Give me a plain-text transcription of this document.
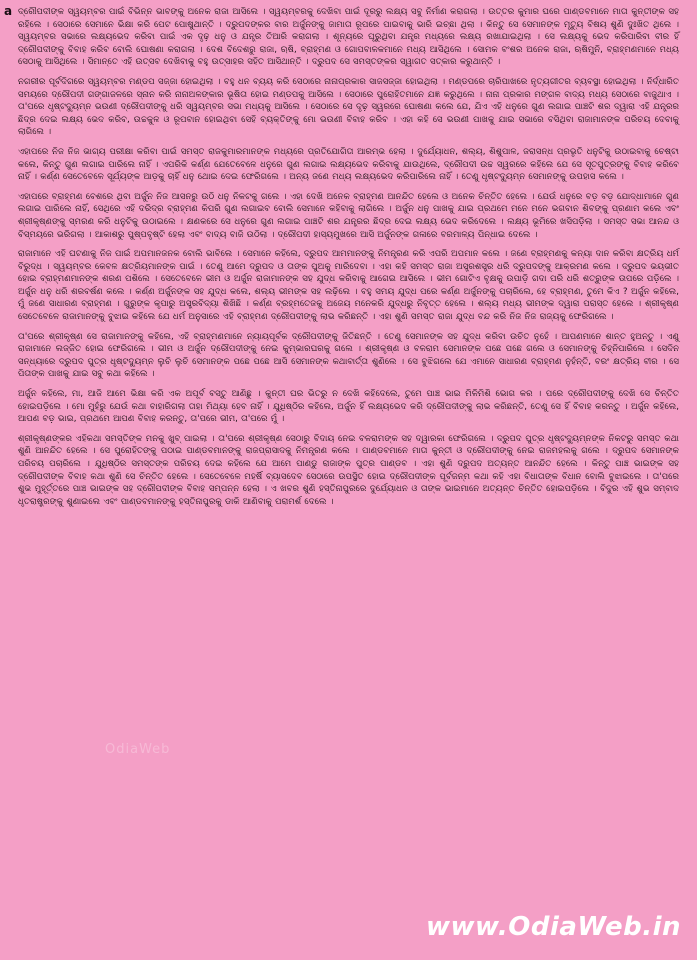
a ଦ୍ରୌପଦୀଙ୍କ ସ୍ୱୟମ୍ବର ପାଇଁ ବିଭିନ୍ନ ଭାବଙ୍କୁ ଅନେକ ରାଜା ଆସିଲେ । ସ୍ୱୟମ୍ବରକୁ ଦେଖିବା ପାଇଁ ଦୂରରୁ ଲକ୍ଷ୍ୟ ସବୁ ନିର୍ମାଣ କରାଗଲା । ଉତ୍ତର କୁମାର ଘରେ ପାଣ୍ଡବମାନେ ମାତା କୁନ୍ତୀଙ୍କ ସହ ରହିଲେ । ସେଠାରେ ସେମାନେ ଭିକ୍ଷା କରି ପେଟ ପୋଷୁଥାନ୍ତି । ଦ୍ରୁପଦଙ୍କର ବାର ଅର୍ଜୁନଙ୍କୁ ଜାମାତା ରୂପରେ ପାଇବାକୁ ଭାରି ଇଚ୍ଛା ଥିଲା । କିନ୍ତୁ ସେ ସେମାନଙ୍କ ମୃତ୍ୟୁ ବିଷୟ ଶୁଣି ଦୁଃଖିତ ଥିଲେ । ସ୍ୱୟମ୍ବର ସଭାରେ ଲକ୍ଷ୍ୟଭେଦ କରିବା ପାଇଁ ଏକ ଦୃଢ଼ ଧନୁ ଓ ଯନ୍ତ୍ର ତିଆରି କରାଗଲା । ଶୂନ୍ୟରେ ଘୂରୁଥିବା ଯନ୍ତ୍ର ମଧ୍ୟରେ ଲକ୍ଷ୍ୟ ରଖାଯାଇଥିଲା । ସେ ଲକ୍ଷ୍ୟକୁ ଭେଦ କରିପାରିବା ବୀର ହିଁ ଦ୍ରୌପଦୀଙ୍କୁ ବିବାହ କରିବ ବୋଲି ଘୋଷଣା କରାଗଲା । ଦେଶ ବିଦେଶରୁ ରାଜା, ଋଷି, ବ୍ରାହ୍ମଣ ଓ ଗୋପବାଳକମାନେ ମଧ୍ୟ ଆସିଥିଲେ । ସୋମକ ବଂଶର ଅନେକ ରାଜା, ଋଷିମୁନି, ବ୍ରାହ୍ମଣମାନେ ମଧ୍ୟ ସେଠାକୁ ଆସିଥିଲେ । ସିମାନ୍ତେ ଏହି ଉତ୍ସବ ଦେଖିବାକୁ ବହୁ ଉତ୍ସାହର ସହିତ ଆସିଥାନ୍ତି । ଦ୍ରୁପଦ ସେ ସମସ୍ତଙ୍କର ସ୍ୱାଗତ ସତ୍କାର କରୁଥାନ୍ତି ।

ନଗରୀର ପୂର୍ବଦିଗରେ ସ୍ୱୟମ୍ବର ମଣ୍ଡପ ସଜ୍ଜା ହୋଇଥିଲା । ବହୁ ଧନ ବ୍ୟୟ କରି ସେଠାରେ ନାନାପ୍ରକାର ସାଜସଜ୍ଜା ହୋଇଥିଲା । ମଣ୍ଡପରେ ଚାରିପାଖରେ ନୃତ୍ୟଗୀତର ବ୍ୟବସ୍ଥା ହୋଇଥିଲା । ନିର୍ଦ୍ଧାରିତ ସମୟରେ ଦ୍ରୌପଦୀ ଗଙ୍ଗାଜଳରେ ସ୍ନାନ କରି ନାନାଅଳଙ୍କାର ଭୂଷିତା ହୋଇ ମଣ୍ଡପକୁ ଆସିଲେ । ସେଠାରେ ପୁରୋହିତମାନେ ଯଜ୍ଞ କରୁଥିଲେ । ନାନା ପ୍ରକାର ମଙ୍ଗଳ ବାଦ୍ୟ ମଧ୍ୟ ସେଠାରେ ବାଜୁଥାଏ । ତା'ପରେ ଧୃଷ୍ଟଦ୍ୟୁମ୍ନ ଭଉଣୀ ଦ୍ରୌପଦୀଙ୍କୁ ଧରି ସ୍ୱୟମ୍ବର ସଭା ମଧ୍ୟକୁ ଆସିଲେ । ସେଠାରେ ସେ ଦୃଢ଼ ସ୍ୱରରେ ଘୋଷଣା କଲେ ଯେ, ଯିଏ ଏହି ଧନୁରେ ଗୁଣ ଲଗାଇ ପାଞ୍ଚଟି ଶର ଦ୍ୱାରା ଏହି ଯନ୍ତ୍ରର ଛିଦ୍ର ଦେଇ ଲକ୍ଷ୍ୟ ଭେଦ କରିବ, ଉଚ୍ଚକୁଳ ଓ ରୂପବାନ ହୋଇଥିବା ସେହି ବ୍ୟକ୍ତିଙ୍କୁ ମୋ ଭଉଣୀ ବିବାହ କରିବ । ଏହା କହି ସେ ଭଉଣୀ ପାଖକୁ ଯାଇ ସଭାରେ ବସିଥିବା ରାଜାମାନଙ୍କ ପରିଚୟ ଦେବାକୁ ଲାଗିଲେ ।

ଏହାପରେ ନିଜ ନିଜ ଭାଗ୍ୟ ପରୀକ୍ଷା କରିବା ପାଇଁ ସମସ୍ତ ରାଜକୁମାରମାନଙ୍କ ମଧ୍ୟରେ ପ୍ରତିଯୋଗିତା ଆରମ୍ଭ ହେଲା । ଦୁର୍ଯ୍ୟୋଧନ, ଶଲ୍ୟ, ଶିଶୁପାଳ, ଜରାସନ୍ଧ ପ୍ରଭୃତି ଧନୁଟିକୁ ଉଠାଇବାକୁ ଚେଷ୍ଟା କଲେ, କିନ୍ତୁ ଗୁଣ ଲଗାଇ ପାରିଲେ ନାହିଁ । ଏପରିକି କର୍ଣ୍ଣ ଯେତେବେଳେ ଧନୁରେ ଗୁଣ ଲଗାଇ ଲକ୍ଷ୍ୟଭେଦ କରିବାକୁ ଯାଉଥିଲେ, ଦ୍ରୌପଦୀ ଉଚ୍ଚ ସ୍ୱରରେ କହିଲେ ଯେ ସେ ସୂତପୁତ୍ରଙ୍କୁ ବିବାହ କରିବେ ନାହିଁ । କର୍ଣ୍ଣ ସେତେବେଳେ ସୂର୍ଯ୍ୟଙ୍କ ଆଡ଼କୁ ଚାହିଁ ଧନୁ ଥୋଇ ଦେଇ ଫେରିଗଲେ । ଅନ୍ୟ ଜଣେ ମଧ୍ୟ ଲକ୍ଷ୍ୟଭେଦ କରିପାରିଲେ ନାହିଁ । ତେଣୁ ଧୃଷ୍ଟଦ୍ୟୁମ୍ନ ସେମାନଙ୍କୁ ଉପହାସ କଲେ ।

ଏହାପରେ ବ୍ରାହ୍ମଣ ବେଶରେ ଥିବା ଅର୍ଜୁନ ନିଜ ଆସନରୁ ଉଠି ଧନୁ ନିକଟକୁ ଗଲେ । ଏହା ଦେଖି ଅନେକ ବ୍ରାହ୍ମଣ ଆନନ୍ଦିତ ହେଲେ ଓ ଅନେକ ଚିନ୍ତିତ ହେଲେ । ଯେଉଁ ଧନୁରେ ବଡ଼ ବଡ଼ ଯୋଦ୍ଧାମାନେ ଗୁଣ ଲଗାଇ ପାରିଲେ ନାହିଁ, ସେଥିରେ ଏହି ଦରିଦ୍ର ବ୍ରାହ୍ମଣ କିପରି ଗୁଣ ଲଗାଇବ ବୋଲି ସେମାନେ କହିବାକୁ ଲାଗିଲେ । ଅର୍ଜୁନ ଧନୁ ପାଖକୁ ଯାଇ ପ୍ରଥମେ ମନେ ମନେ ଭଗବାନ ଶିବଙ୍କୁ ପ୍ରଣାମ କଲେ ଏବଂ ଶ୍ରୀକୃଷ୍ଣଙ୍କୁ ସ୍ମରଣ କରି ଧନୁଟିକୁ ଉଠାଇଲେ । କ୍ଷଣକରେ ସେ ଧନୁରେ ଗୁଣ ଲଗାଇ ପାଞ୍ଚଟି ଶର ଯନ୍ତ୍ରର ଛିଦ୍ର ଦେଇ ଲକ୍ଷ୍ୟ ଭେଦ କରିଦେଲେ । ଲକ୍ଷ୍ୟ ଭୂମିରେ ଖସିପଡ଼ିଲା । ସମସ୍ତ ସଭା ଆନନ୍ଦ ଓ ବିସ୍ମୟରେ ଭରିଗଲା । ଆକାଶରୁ ପୁଷ୍ପବୃଷ୍ଟି ହେଲା ଏବଂ ବାଦ୍ୟ ବାଜି ଉଠିଲା । ଦ୍ରୌପଦୀ ହାସ୍ୟମୁଖରେ ଆସି ଅର୍ଜୁନଙ୍କ ଗଳାରେ ବରମାଳ୍ୟ ପିନ୍ଧାଇ ଦେଲେ ।

ରାଜାମାନେ ଏହି ଘଟଣାକୁ ନିଜ ପାଇଁ ଅପମାନଜନକ ବୋଲି ଭାବିଲେ । ସେମାନେ କହିଲେ, ଦ୍ରୁପଦ ଆମମାନଙ୍କୁ ନିମନ୍ତ୍ରଣ କରି ଏପରି ଅପମାନ କଲେ । ଜଣେ ବ୍ରାହ୍ମଣକୁ କନ୍ୟା ଦାନ କରିବା କ୍ଷତ୍ରିୟ ଧର୍ମ ବିରୁଦ୍ଧ । ସ୍ୱୟମ୍ବର କେବଳ କ୍ଷତ୍ରିୟମାନଙ୍କ ପାଇଁ । ତେଣୁ ଆମେ ଦ୍ରୁପଦ ଓ ତାଙ୍କ ପୁଅକୁ ମାରିଦେବା । ଏହା କହି ସମସ୍ତ ରାଜା ଅସ୍ତ୍ରଶସ୍ତ୍ର ଧରି ଦ୍ରୁପଦଙ୍କୁ ଆକ୍ରମଣ କଲେ । ଦ୍ରୁପଦ ଭୟଭୀତ ହୋଇ ବ୍ରାହ୍ମଣମାନଙ୍କ ଶରଣ ପଶିଲେ । ସେତେବେଳେ ଭୀମ ଓ ଅର୍ଜୁନ ରାଜାମାନଙ୍କ ସହ ଯୁଦ୍ଧ କରିବାକୁ ଆଗେଇ ଆସିଲେ । ଭୀମ ଗୋଟିଏ ବୃକ୍ଷକୁ ଉପାଡ଼ି ଗଦା ପରି ଧରି ଶତ୍ରୁଙ୍କ ଉପରେ ପଡ଼ିଲେ । ଅର୍ଜୁନ ଧନୁ ଧରି ଶରବର୍ଷଣ କଲେ । କର୍ଣ୍ଣ ଅର୍ଜୁନଙ୍କ ସହ ଯୁଦ୍ଧ କଲେ, ଶଲ୍ୟ ଭୀମଙ୍କ ସହ ଲଢ଼ିଲେ । ବହୁ ସମୟ ଯୁଦ୍ଧ ପରେ କର୍ଣ୍ଣ ଅର୍ଜୁନଙ୍କୁ ପଚାରିଲେ, ହେ ବ୍ରାହ୍ମଣ, ତୁମେ କିଏ ? ଅର୍ଜୁନ କହିଲେ, ମୁଁ ଜଣେ ସାଧାରଣ ବ୍ରାହ୍ମଣ । ଗୁରୁଙ୍କ କୃପାରୁ ଅସ୍ତ୍ରବିଦ୍ୟା ଶିଖିଛି । କର୍ଣ୍ଣ ବ୍ରହ୍ମତେଜକୁ ଅଜେୟ ମନେକରି ଯୁଦ୍ଧରୁ ନିବୃତ୍ତ ହେଲେ । ଶଲ୍ୟ ମଧ୍ୟ ଭୀମଙ୍କ ଦ୍ୱାରା ପରାସ୍ତ ହେଲେ । ଶ୍ରୀକୃଷ୍ଣ ସେତେବେଳେ ରାଜାମାନଙ୍କୁ ବୁଝାଇ କହିଲେ ଯେ ଧର୍ମ ଅନୁସାରେ ଏହି ବ୍ରାହ୍ମଣ ଦ୍ରୌପଦୀଙ୍କୁ ଲାଭ କରିଛନ୍ତି । ଏହା ଶୁଣି ସମସ୍ତ ରାଜା ଯୁଦ୍ଧ ବନ୍ଦ କରି ନିଜ ନିଜ ରାଜ୍ୟକୁ ଫେରିଗଲେ ।

ତା'ପରେ ଶ୍ରୀକୃଷ୍ଣ ସେ ରାଜାମାନଙ୍କୁ କହିଲେ, ଏହି ବ୍ରାହ୍ମଣମାନେ ନ୍ୟାୟପୂର୍ବକ ଦ୍ରୌପଦୀଙ୍କୁ ଜିତିଛନ୍ତି । ତେଣୁ ସେମାନଙ୍କ ସହ ଯୁଦ୍ଧ କରିବା ଉଚିତ ନୁହେଁ । ଆପଣମାନେ ଶାନ୍ତ ହୁଅନ୍ତୁ । ଏଣୁ ରାଜାମାନେ ଲଜ୍ଜିତ ହୋଇ ଫେରିଗଲେ । ଭୀମ ଓ ଅର୍ଜୁନ ଦ୍ରୌପଦୀଙ୍କୁ ନେଇ କୁମ୍ଭାରଘରକୁ ଗଲେ । ଶ୍ରୀକୃଷ୍ଣ ଓ ବଳରାମ ସେମାନଙ୍କ ପଛେ ପଛେ ଗଲେ ଓ ସେମାନଙ୍କୁ ଚିହ୍ନିପାରିଲେ । ସେଦିନ ସନ୍ଧ୍ୟାରେ ଦ୍ରୁପଦ ପୁତ୍ର ଧୃଷ୍ଟଦ୍ୟୁମ୍ନ ଲୁଚି ଲୁଚି ସେମାନଙ୍କ ପଛେ ପଛେ ଆସି ସେମାନଙ୍କ କଥାବାର୍ତ୍ତା ଶୁଣିଲେ । ସେ ବୁଝିଗଲେ ଯେ ଏମାନେ ସାଧାରଣ ବ୍ରାହ୍ମଣ ନୁହଁନ୍ତି, ବରଂ କ୍ଷତ୍ରିୟ ବୀର । ସେ ପିତାଙ୍କ ପାଖକୁ ଯାଇ ସବୁ କଥା କହିଲେ ।

ଅର୍ଜୁନ କହିଲେ, ମା, ଆଜି ଆମେ ଭିକ୍ଷା କରି ଏକ ଅପୂର୍ବ ବସ୍ତୁ ଆଣିଛୁ । କୁନ୍ତୀ ଘର ଭିତରୁ ନ ଦେଖି କହିଦେଲେ, ତୁମେ ପାଞ୍ଚ ଭାଇ ମିଳିମିଶି ଭୋଗ କର । ପରେ ଦ୍ରୌପଦୀଙ୍କୁ ଦେଖି ସେ ଚିନ୍ତିତ ହୋଇପଡ଼ିଲେ । ମୋ ମୁହଁରୁ ଯେଉଁ କଥା ବାହାରିଗଲା ତାହା ମିଥ୍ୟା ହେବ ନାହିଁ । ଯୁଧିଷ୍ଠିର କହିଲେ, ଅର୍ଜୁନ ହିଁ ଲକ୍ଷ୍ୟଭେଦ କରି ଦ୍ରୌପଦୀଙ୍କୁ ଲାଭ କରିଛନ୍ତି, ତେଣୁ ସେ ହିଁ ବିବାହ କରନ୍ତୁ । ଅର୍ଜୁନ କହିଲେ, ଆପଣ ବଡ଼ ଭାଇ, ପ୍ରଥମେ ଆପଣ ବିବାହ କରନ୍ତୁ, ତା'ପରେ ଭୀମ, ତା'ପରେ ମୁଁ ।

ଶ୍ରୀକୃଷ୍ଣଙ୍କର ଏହିକଥା ସମସ୍ତିଙ୍କ ମନକୁ ଖୁବ୍ ପାଇଲା । ତା'ପରେ ଶ୍ରୀକୃଷ୍ଣ ସେଠାରୁ ବିଦାୟ ନେଇ ବଳରାମଙ୍କ ସହ ଦ୍ୱାରକା ଫେରିଗଲେ । ଦ୍ରୁପଦ ପୁତ୍ର ଧୃଷ୍ଟଦ୍ୟୁମ୍ନଙ୍କ ନିକଟରୁ ସମସ୍ତ କଥା ଶୁଣି ଆନନ୍ଦିତ ହେଲେ । ସେ ପୁରୋହିତଙ୍କୁ ପଠାଇ ପାଣ୍ଡବମାନଙ୍କୁ ରାଜପ୍ରାସାଦକୁ ନିମନ୍ତ୍ରଣ କଲେ । ପାଣ୍ଡବମାନେ ମାତା କୁନ୍ତୀ ଓ ଦ୍ରୌପଦୀଙ୍କୁ ନେଇ ରାଜମହଲକୁ ଗଲେ । ଦ୍ରୁପଦ ସେମାନଙ୍କ ପରିଚୟ ପଚାରିଲେ । ଯୁଧିଷ୍ଠିର ସମସ୍ତଙ୍କ ପରିଚୟ ଦେଇ କହିଲେ ଯେ ଆମେ ପାଣ୍ଡୁ ରାଜାଙ୍କ ପୁତ୍ର ପାଣ୍ଡବ । ଏହା ଶୁଣି ଦ୍ରୁପଦ ଅତ୍ୟନ୍ତ ଆନନ୍ଦିତ ହେଲେ । କିନ୍ତୁ ପାଞ୍ଚ ଭାଇଙ୍କ ସହ ଦ୍ରୌପଦୀଙ୍କ ବିବାହ କଥା ଶୁଣି ସେ ଚିନ୍ତିତ ହେଲେ । ସେତେବେଳେ ମହର୍ଷି ବ୍ୟାସଦେବ ସେଠାରେ ଉପସ୍ଥିତ ହୋଇ ଦ୍ରୌପଦୀଙ୍କ ପୂର୍ବଜନ୍ମ କଥା କହି ଏହା ବିଧାତାଙ୍କ ବିଧାନ ବୋଲି ବୁଝାଇଲେ । ତା'ପରେ ଶୁଭ ମୁହୂର୍ତ୍ତରେ ପାଞ୍ଚ ଭାଇଙ୍କ ସହ ଦ୍ରୌପଦୀଙ୍କ ବିବାହ ସମ୍ପନ୍ନ ହେଲା । ଏ ଖବର ଶୁଣି ହସ୍ତିନାପୁରରେ ଦୁର୍ଯ୍ୟୋଧନ ଓ ତାଙ୍କ ଭାଇମାନେ ଅତ୍ୟନ୍ତ ଚିନ୍ତିତ ହୋଇପଡ଼ିଲେ । ବିଦୁର ଏହି ଶୁଭ ସମ୍ବାଦ ଧୃତରାଷ୍ଟ୍ରଙ୍କୁ ଶୁଣାଇଲେ ଏବଂ ପାଣ୍ଡବମାନଙ୍କୁ ହସ୍ତିନାପୁରକୁ ଡାକି ଆଣିବାକୁ ପରାମର୍ଶ ଦେଲେ ।

OdiaWeb
www.OdiaWeb.in
